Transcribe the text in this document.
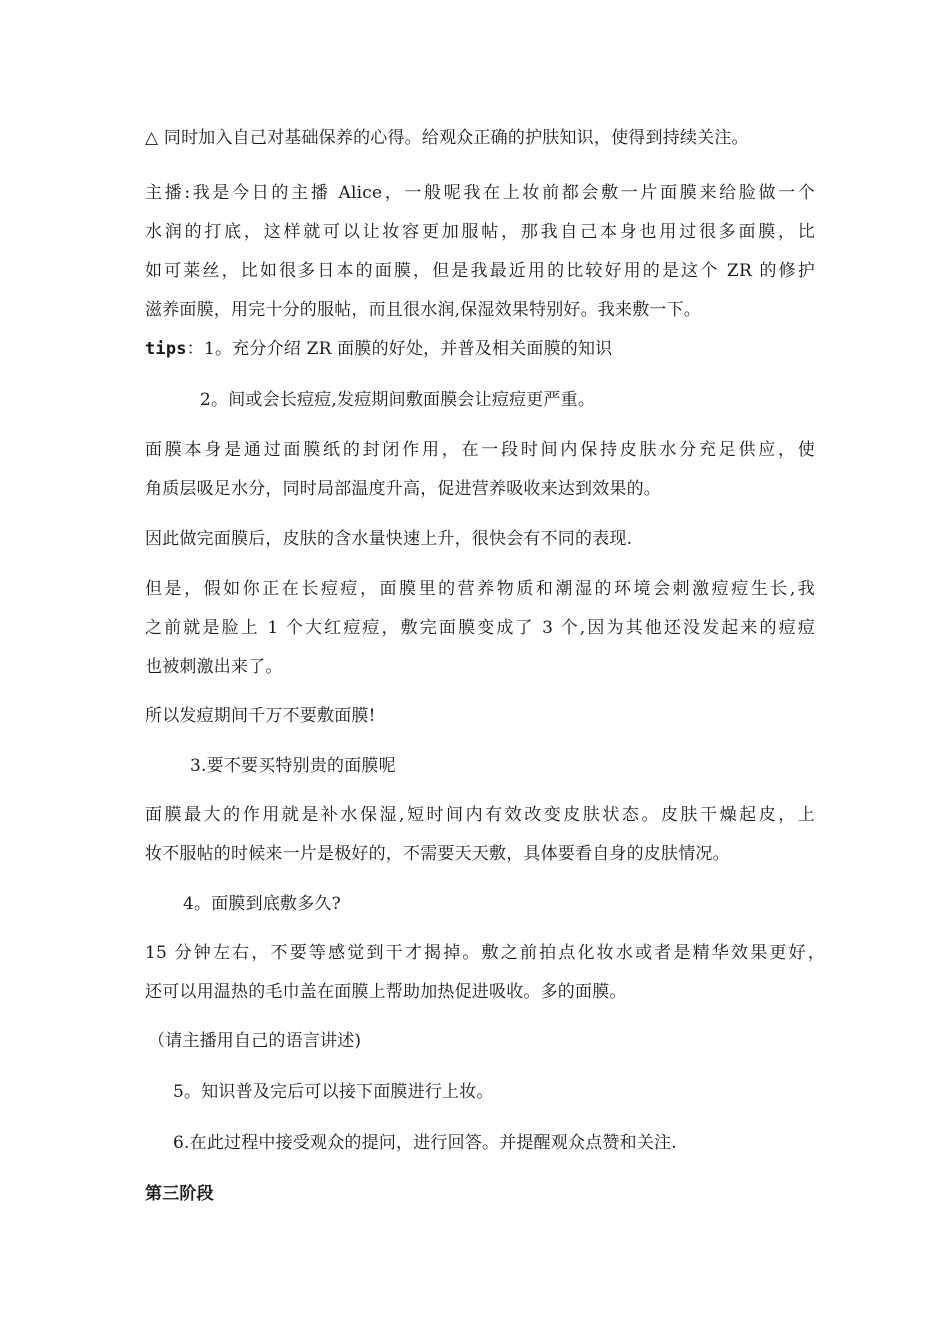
△ 同时加入自己对基础保养的心得。给观众正确的护肤知识，使得到持续关注。
主播:我是今日的主播 Alice，一般呢我在上妆前都会敷一片面膜来给脸做一个
水润的打底，这样就可以让妆容更加服帖，那我自己本身也用过很多面膜，比
如可莱丝，比如很多日本的面膜，但是我最近用的比较好用的是这个 ZR 的修护
滋养面膜，用完十分的服帖，而且很水润,保湿效果特别好。我来敷一下。
tips：1。充分介绍 ZR 面膜的好处，并普及相关面膜的知识
2。间或会长痘痘,发痘期间敷面膜会让痘痘更严重。
面膜本身是通过面膜纸的封闭作用，在一段时间内保持皮肤水分充足供应，使
角质层吸足水分，同时局部温度升高，促进营养吸收来达到效果的。
因此做完面膜后，皮肤的含水量快速上升，很快会有不同的表现.
但是，假如你正在长痘痘，面膜里的营养物质和潮湿的环境会刺激痘痘生长,我
之前就是脸上 1 个大红痘痘，敷完面膜变成了 3 个,因为其他还没发起来的痘痘
也被刺激出来了。
所以发痘期间千万不要敷面膜!
3.要不要买特别贵的面膜呢
面膜最大的作用就是补水保湿,短时间内有效改变皮肤状态。皮肤干燥起皮，上
妆不服帖的时候来一片是极好的，不需要天天敷，具体要看自身的皮肤情况。
4。面膜到底敷多久?
15 分钟左右，不要等感觉到干才揭掉。敷之前拍点化妆水或者是精华效果更好，
还可以用温热的毛巾盖在面膜上帮助加热促进吸收。多的面膜。
（请主播用自己的语言讲述)
5。知识普及完后可以接下面膜进行上妆。
6.在此过程中接受观众的提问，进行回答。并提醒观众点赞和关注.
第三阶段
